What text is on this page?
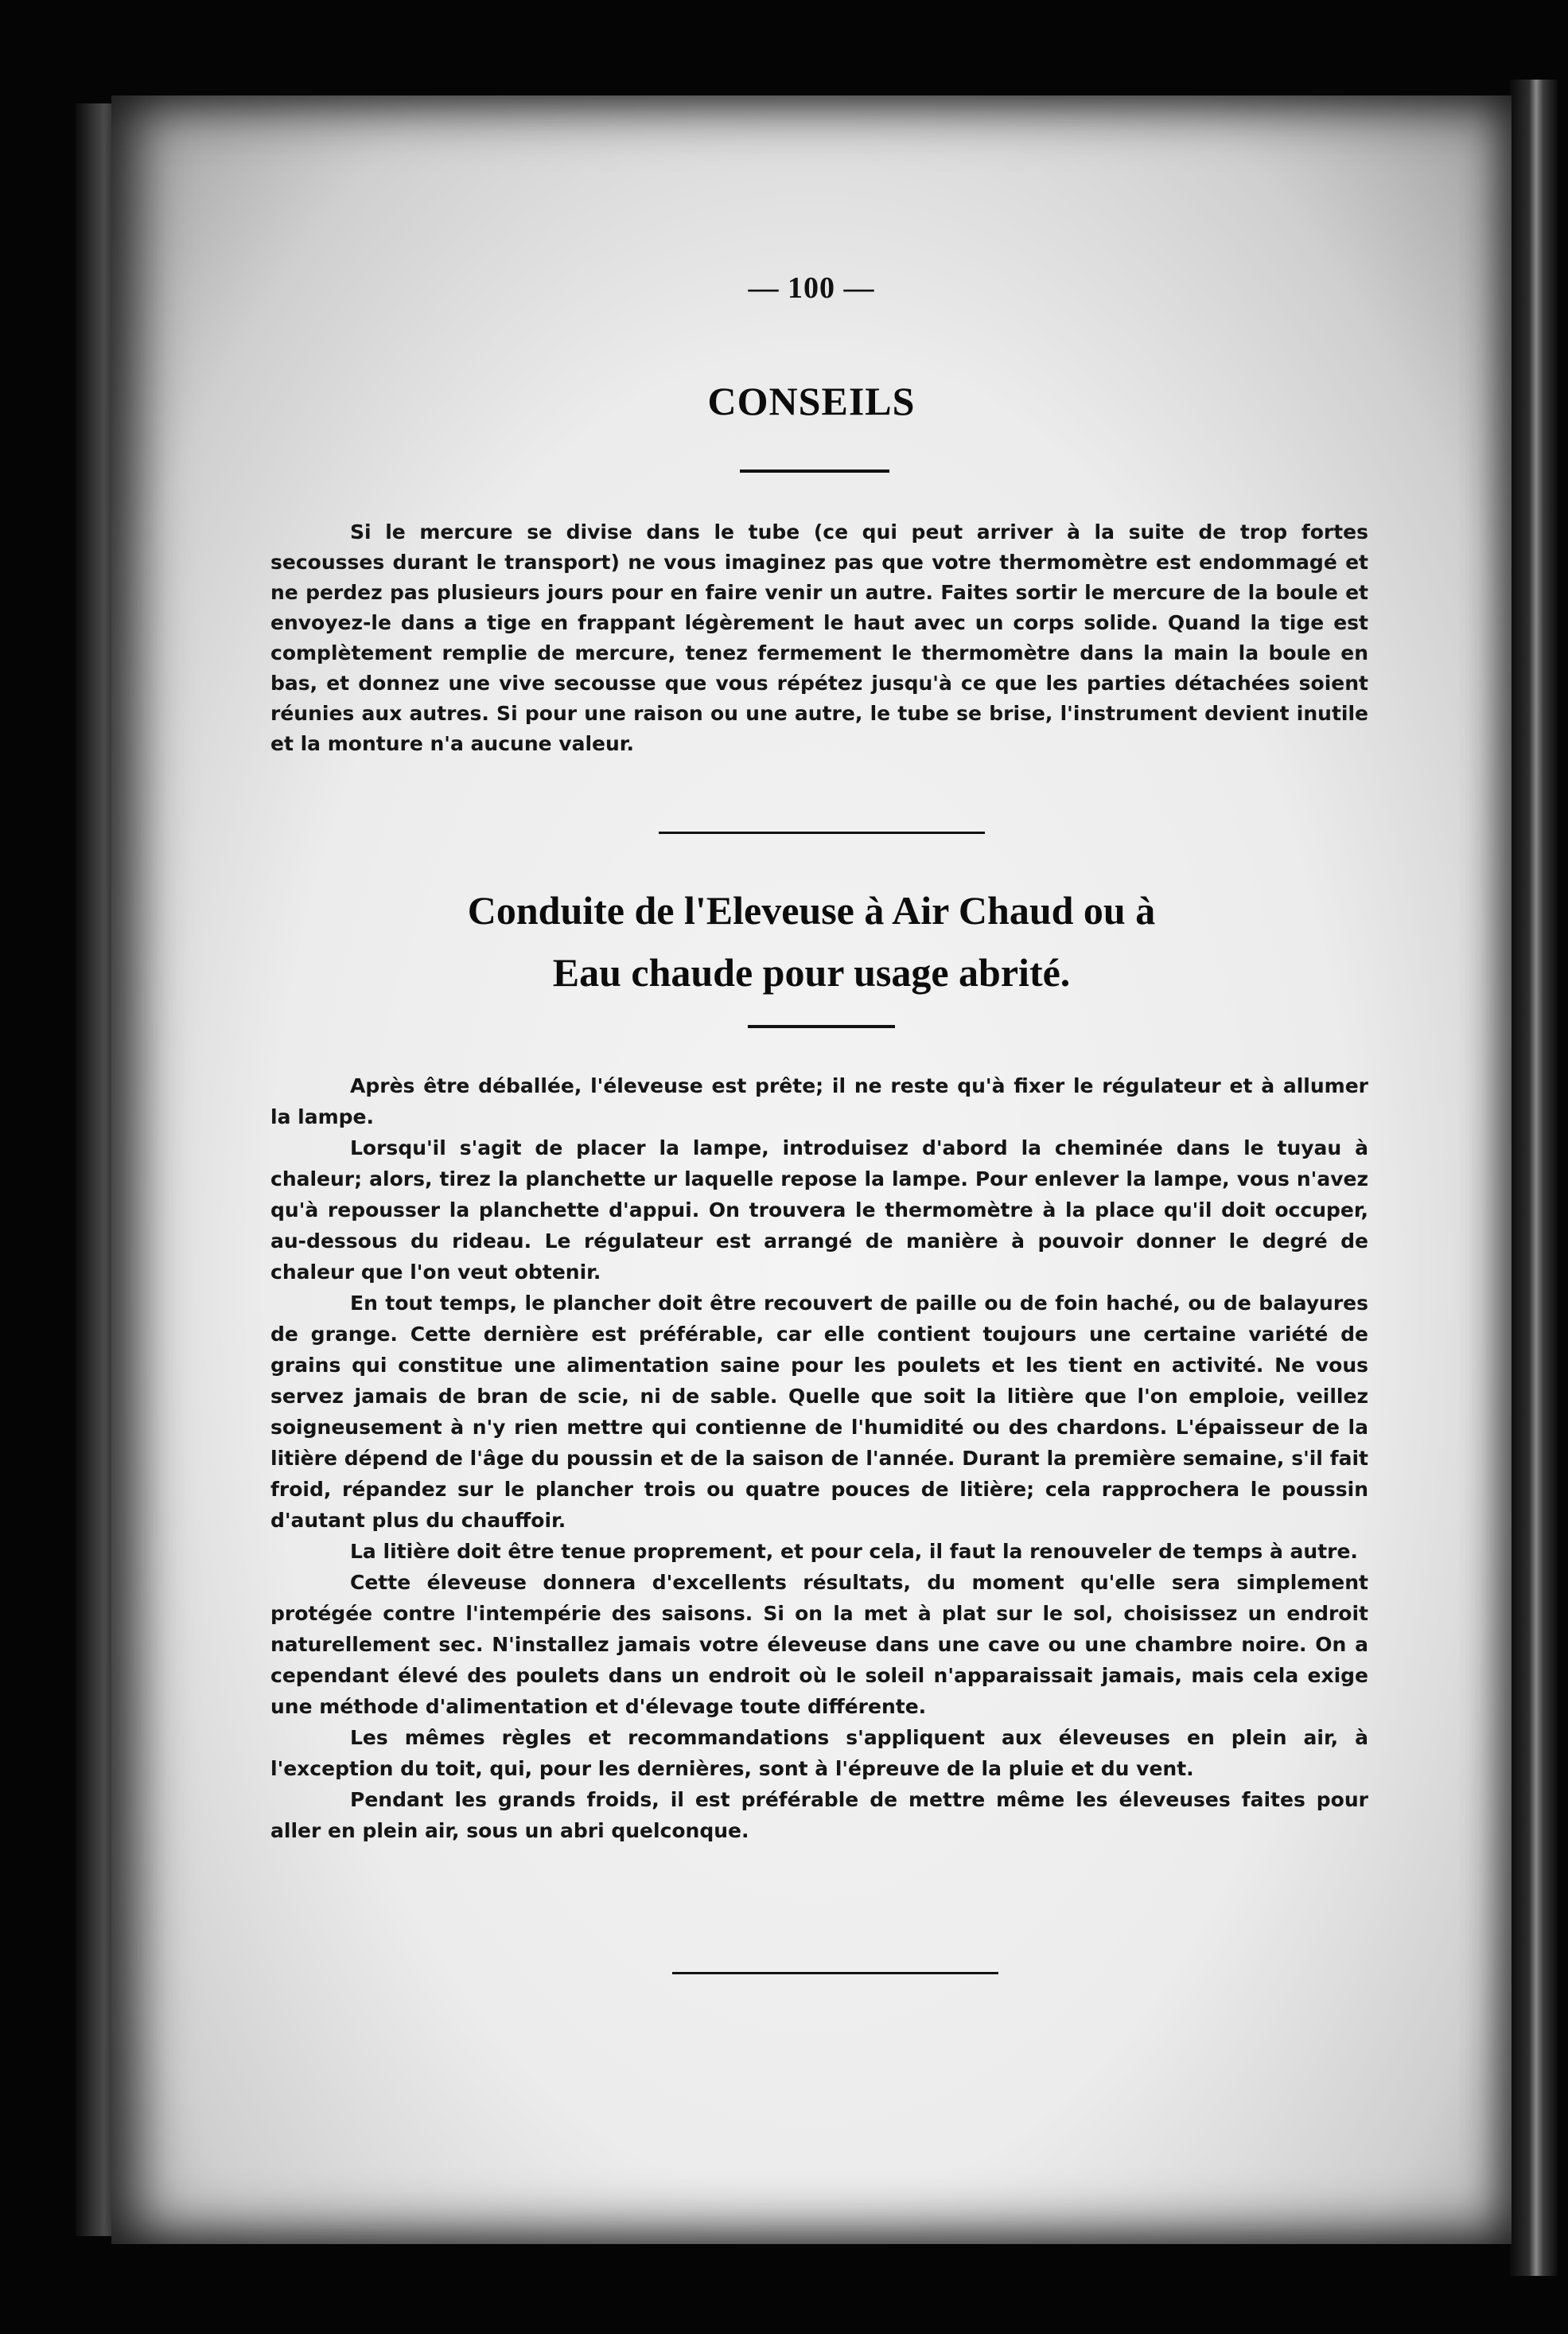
— 100 —
CONSEILS

Si le mercure se divise dans le tube (ce qui peut arriver à la suite de trop fortes secousses durant le transport) ne vous imaginez pas que votre thermomètre est endommagé et ne perdez pas plusieurs jours pour en faire venir un autre. Faites sortir le mercure de la boule et envoyez-le dans a tige en frappant légèrement le haut avec un corps solide. Quand la tige est complètement remplie de mercure, tenez fermement le thermomètre dans la main la boule en bas, et donnez une vive secousse que vous répétez jusqu'à ce que les parties détachées soient réunies aux autres. Si pour une raison ou une autre, le tube se brise, l'instrument devient inutile et la monture n'a aucune valeur.

Conduite de l'Eleveuse à Air Chaud ou à
Eau chaude pour usage abrité.

Après être déballée, l'éleveuse est prête; il ne reste qu'à fixer le régulateur et à allumer la lampe.

Lorsqu'il s'agit de placer la lampe, introduisez d'abord la cheminée dans le tuyau à chaleur; alors, tirez la planchette ur laquelle repose la lampe. Pour enlever la lampe, vous n'avez qu'à repousser la planchette d'appui. On trouvera le thermomètre à la place qu'il doit occuper, au-dessous du rideau. Le régulateur est arrangé de manière à pouvoir donner le degré de chaleur que l'on veut obtenir.

En tout temps, le plancher doit être recouvert de paille ou de foin haché, ou de balayures de grange. Cette dernière est préférable, car elle contient toujours une certaine variété de grains qui constitue une alimentation saine pour les poulets et les tient en activité. Ne vous servez jamais de bran de scie, ni de sable. Quelle que soit la litière que l'on emploie, veillez soigneusement à n'y rien mettre qui contienne de l'humidité ou des chardons. L'épaisseur de la litière dépend de l'âge du poussin et de la saison de l'année. Durant la première semaine, s'il fait froid, répandez sur le plancher trois ou quatre pouces de litière; cela rapprochera le poussin d'autant plus du chauffoir.

La litière doit être tenue proprement, et pour cela, il faut la renouveler de temps à autre.

Cette éleveuse donnera d'excellents résultats, du moment qu'elle sera simplement protégée contre l'intempérie des saisons. Si on la met à plat sur le sol, choisissez un endroit naturellement sec. N'installez jamais votre éleveuse dans une cave ou une chambre noire. On a cependant élevé des poulets dans un endroit où le soleil n'apparaissait jamais, mais cela exige une méthode d'alimentation et d'élevage toute différente.

Les mêmes règles et recommandations s'appliquent aux éleveuses en plein air, à l'exception du toit, qui, pour les dernières, sont à l'épreuve de la pluie et du vent.

Pendant les grands froids, il est préférable de mettre même les éleveuses faites pour aller en plein air, sous un abri quelconque.
